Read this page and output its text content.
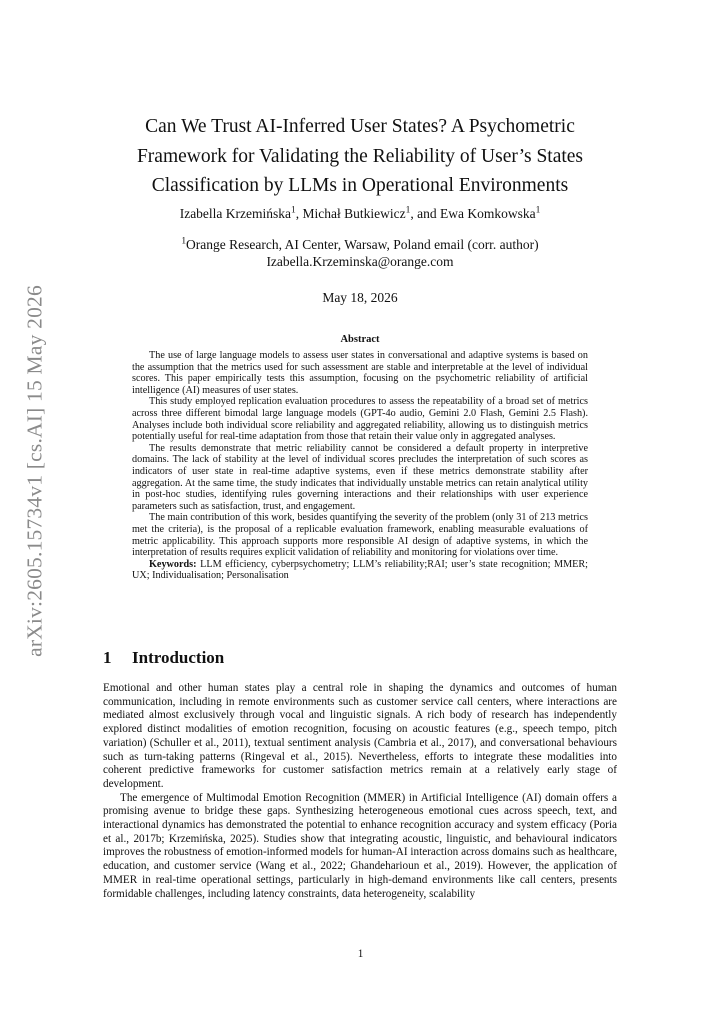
arXiv:2605.15734v1 [cs.AI] 15 May 2026
Can We Trust AI-Inferred User States? A Psychometric
Framework for Validating the Reliability of User’s States
Classification by LLMs in Operational Environments
Izabella Krzemińska$^1$, Michał Butkiewicz$^1$, and Ewa Komkowska$^1$
$^1$Orange Research, AI Center, Warsaw, Poland email (corr. author)
Izabella.Krzeminska@orange.com
May 18, 2026
Abstract

The use of large language models to assess user states in conversational and adaptive systems is based on the assumption that the metrics used for such assessment are stable and interpretable at the level of individual scores. This paper empirically tests this assumption, focusing on the psychometric reliability of artificial intelligence (AI) measures of user states.

This study employed replication evaluation procedures to assess the repeatability of a broad set of metrics across three different bimodal large language models (GPT-4o audio, Gemini 2.0 Flash, Gemini 2.5 Flash). Analyses include both individual score reliability and aggregated reliability, allowing us to distinguish metrics potentially useful for real-time adaptation from those that retain their value only in aggregated analyses.

The results demonstrate that metric reliability cannot be considered a default property in interpretive domains. The lack of stability at the level of individual scores precludes the interpretation of such scores as indicators of user state in real-time adaptive systems, even if these metrics demonstrate stability after aggregation. At the same time, the study indicates that individually unstable metrics can retain analytical utility in post-hoc studies, identifying rules governing interactions and their relationships with user experience parameters such as satisfaction, trust, and engagement.

The main contribution of this work, besides quantifying the severity of the problem (only 31 of 213 metrics met the criteria), is the proposal of a replicable evaluation framework, enabling measurable evaluations of metric applicability. This approach supports more responsible AI design of adaptive systems, in which the interpretation of results requires explicit validation of reliability and monitoring for violations over time.

Keywords: LLM efficiency, cyberpsychometry; LLM’s reliability;RAI; user’s state recognition; MMER; UX; Individualisation; Personalisation

1 Introduction

Emotional and other human states play a central role in shaping the dynamics and outcomes of human communication, including in remote environments such as customer service call centers, where interactions are mediated almost exclusively through vocal and linguistic signals. A rich body of research has independently explored distinct modalities of emotion recognition, focusing on acoustic features (e.g., speech tempo, pitch variation) (Schuller et al., 2011), textual sentiment analysis (Cambria et al., 2017), and conversational behaviours such as turn-taking patterns (Ringeval et al., 2015). Nevertheless, efforts to integrate these modalities into coherent predictive frameworks for customer satisfaction metrics remain at a relatively early stage of development.

The emergence of Multimodal Emotion Recognition (MMER) in Artificial Intelligence (AI) domain offers a promising avenue to bridge these gaps. Synthesizing heterogeneous emotional cues across speech, text, and interactional dynamics has demonstrated the potential to enhance recognition accuracy and system efficacy (Poria et al., 2017b; Krzemińska, 2025). Studies show that integrating acoustic, linguistic, and behavioural indicators improves the robustness of emotion-informed models for human-AI interaction across domains such as healthcare, education, and customer service (Wang et al., 2022; Ghandeharioun et al., 2019). However, the application of MMER in real-time operational settings, particularly in high-demand environments like call centers, presents formidable challenges, including latency constraints, data heterogeneity, scalability

1
